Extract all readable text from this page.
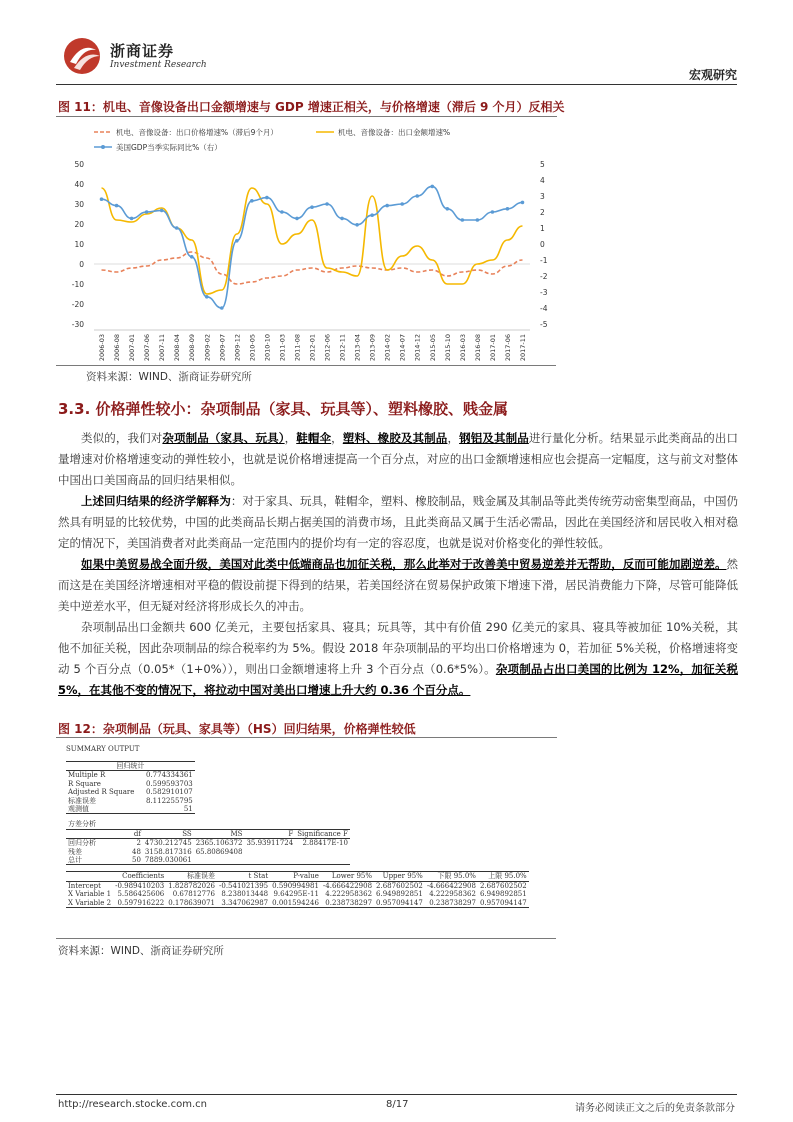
浙商证券
Investment Research
宏观研究
图 11：机电、音像设备出口金额增速与 GDP 增速正相关，与价格增速（滞后 9 个月）反相关
机电、音像设备：出口价格增速%（滞后9个月）	机电、音像设备：出口金额增速%
美国GDP当季实际同比%（右）
-30
-20
-10
0
10
20
30
40
50
-5
-4
-3
-2
-1
0
1
2
3
4
5
2006-03 2006-08 2007-01 2007-06 2007-11 2008-04 2008-09 2009-02 2009-07 2009-12 2010-05 2010-10 2011-03 2011-08 2012-01 2012-06 2012-11 2013-04 2013-09 2014-02 2014-07 2014-12 2015-05 2015-10 2016-03 2016-08 2017-01 2017-06 2017-11
资料来源：WIND、浙商证券研究所
3.3. 价格弹性较小：杂项制品（家具、玩具等）、塑料橡胶、贱金属

类似的，我们对杂项制品（家具、玩具），鞋帽伞，塑料、橡胶及其制品，钢铝及其制品进行量化分析。结果显示此类商品的出口量增速对价格增速变动的弹性较小，也就是说价格增速提高一个百分点，对应的出口金额增速相应也会提高一定幅度，这与前文对整体中国出口美国商品的回归结果相似。

上述回归结果的经济学解释为：对于家具、玩具，鞋帽伞，塑料、橡胶制品，贱金属及其制品等此类传统劳动密集型商品，中国仍然具有明显的比较优势，中国的此类商品长期占据美国的消费市场，且此类商品又属于生活必需品，因此在美国经济和居民收入相对稳定的情况下，美国消费者对此类商品一定范围内的提价均有一定的容忍度，也就是说对价格变化的弹性较低。

如果中美贸易战全面升级，美国对此类中低端商品也加征关税，那么此举对于改善美中贸易逆差并无帮助，反而可能加剧逆差。然而这是在美国经济增速相对平稳的假设前提下得到的结果，若美国经济在贸易保护政策下增速下滑，居民消费能力下降，尽管可能降低美中逆差水平，但无疑对经济将形成长久的冲击。

杂项制品出口金额共 600 亿美元，主要包括家具、寝具；玩具等，其中有价值 290 亿美元的家具、寝具等被加征 10%关税，其他不加征关税，因此杂项制品的综合税率约为 5%。假设 2018 年杂项制品的平均出口价格增速为 0，若加征 5%关税，价格增速将变动 5 个百分点（0.05*（1+0%）），则出口金额增速将上升 3 个百分点（0.6*5%）。杂项制品占出口美国的比例为 12%，加征关税 5%，在其他不变的情况下，将拉动中国对美出口增速上升大约 0.36 个百分点。

图 12：杂项制品（玩具、家具等）（HS）回归结果，价格弹性较低
SUMMARY OUTPUT
回归统计	
Multiple R	0.774334361
R Square	0.599593703
Adjusted R Square	0.582910107
标准误差	8.112255795
观测值	51
方差分析					
	df	SS	MS	F	Significance F
回归分析	2	4730.212745	2365.106372	35.93911724	2.88417E-10
残差	48	3158.817316	65.80869408		
总计	50	7889.030061			
	Coefficients	标准误差	t Stat	P-value	Lower 95%	Upper 95%	下限 95.0%	上限 95.0%
Intercept	-0.989410203	1.828782026	-0.541021395	0.590994981	-4.666422908	2.687602502	-4.666422908	2.687602502
X Variable 1	5.586425606	0.67812776	8.238013448	9.64295E-11	4.222958362	6.949892851	4.222958362	6.949892851
X Variable 2	0.597916222	0.178639071	3.347062987	0.001594246	0.238738297	0.957094147	0.238738297	0.957094147
资料来源：WIND、浙商证券研究所
http://research.stocke.com.cn	8/17	请务必阅读正文之后的免责条款部分
